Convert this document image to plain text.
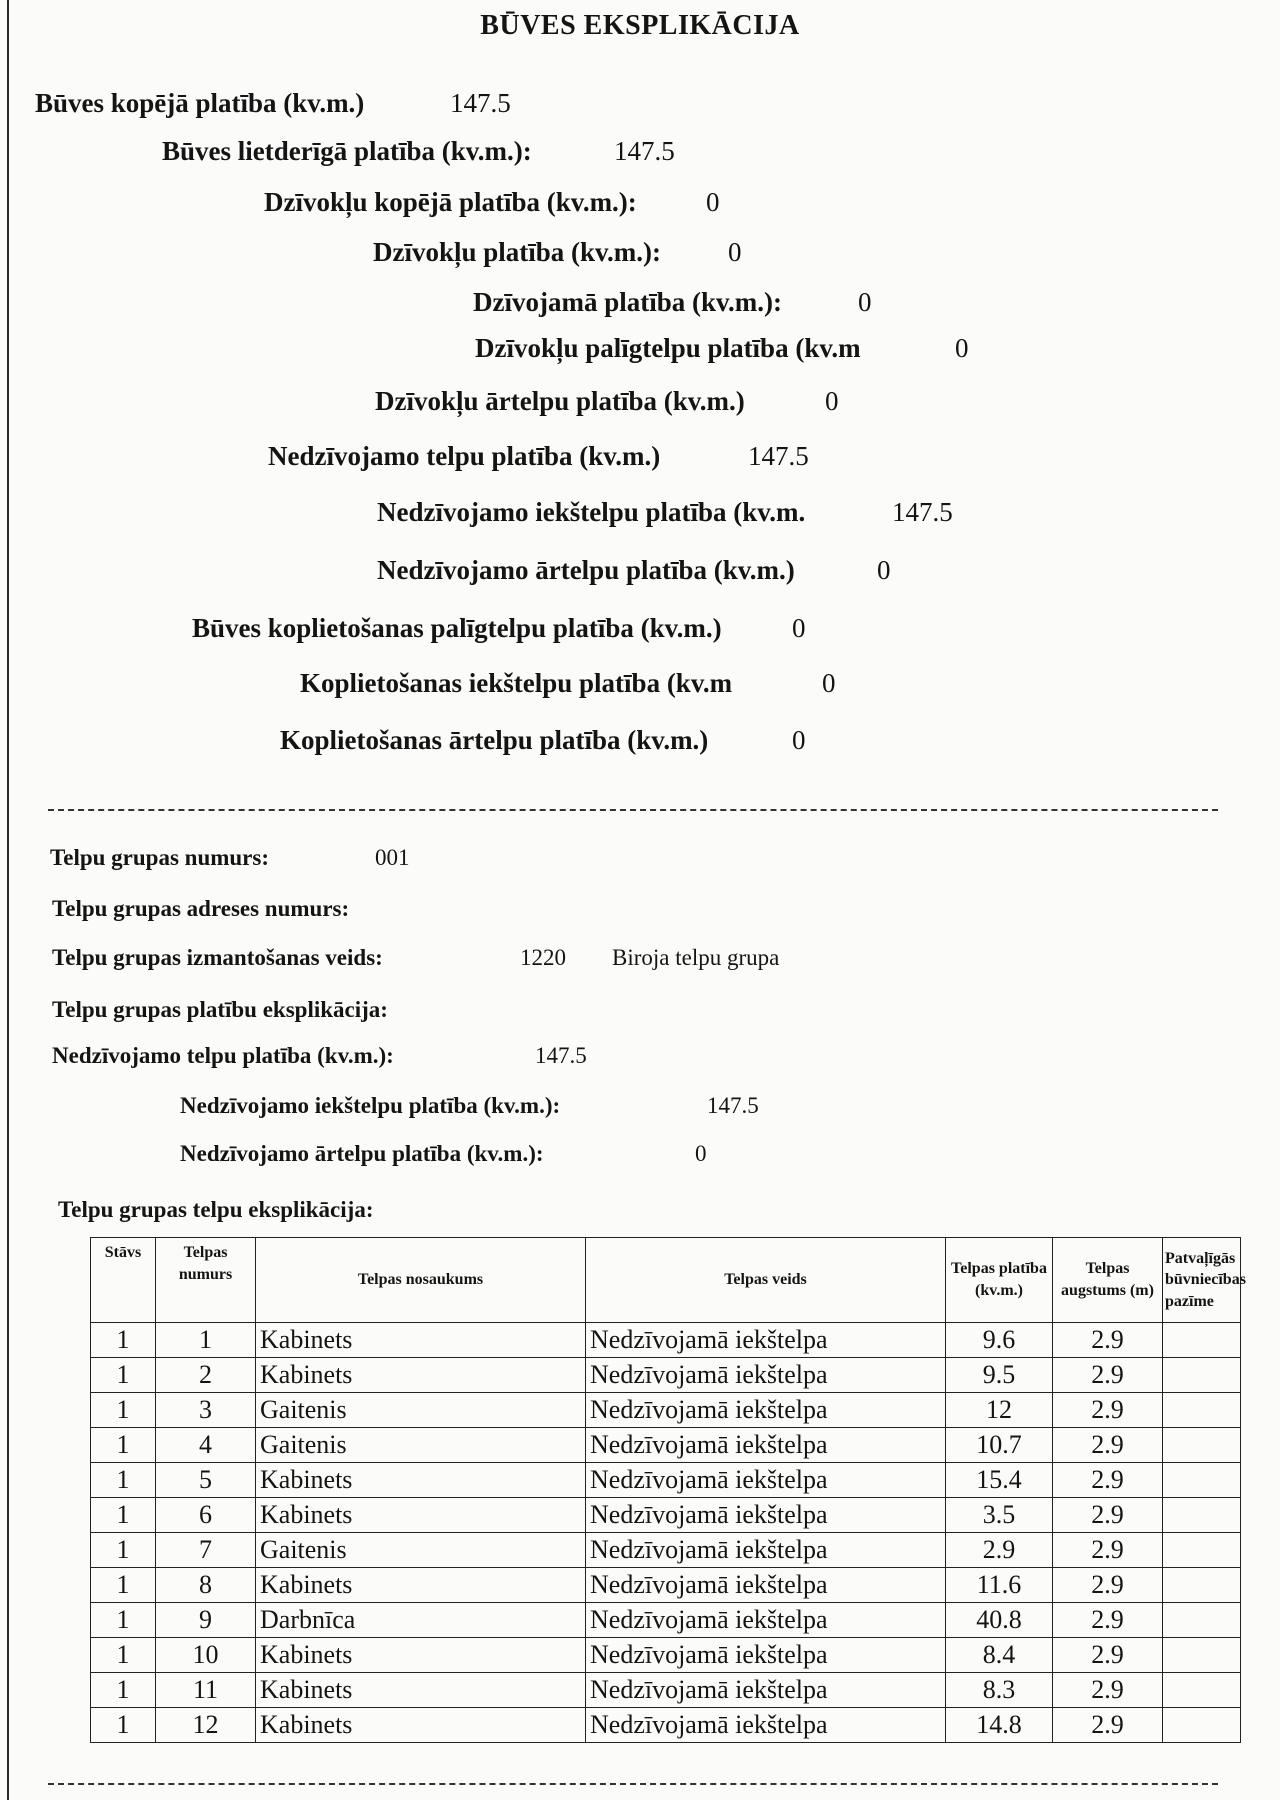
BŪVES EKSPLIKĀCIJA
Būves kopējā platība (kv.m.)	147.5
Būves lietderīgā platība (kv.m.):	147.5
Dzīvokļu kopējā platība (kv.m.):	0
Dzīvokļu platība (kv.m.): 0
Dzīvojamā platība (kv.m.):	0
Dzīvokļu palīgtelpu platība (kv.m	0
Dzīvokļu ārtelpu platība (kv.m.)	0
Nedzīvojamo telpu platība (kv.m.)	147.5
Nedzīvojamo iekštelpu platība (kv.m.	147.5
Nedzīvojamo ārtelpu platība (kv.m.)	0
Būves koplietošanas palīgtelpu platība (kv.m.)	0
Koplietošanas iekštelpu platība (kv.m	0
Koplietošanas ārtelpu platība (kv.m.)	0
Telpu grupas numurs:	001
Telpu grupas adreses numurs:
Telpu grupas izmantošanas veids:	1220 Biroja telpu grupa
Telpu grupas platību eksplikācija:
Nedzīvojamo telpu platība (kv.m.):	147.5
Nedzīvojamo iekštelpu platība (kv.m.):	147.5
Nedzīvojamo ārtelpu platība (kv.m.):	0
Telpu grupas telpu eksplikācija:
Stāvs	Telpas numurs	Telpas nosaukums	Telpas veids	Telpas platība (kv.m.)	Telpas augstums (m)	Patvaļīgās būvniecības pazīme
1	1	Kabinets	Nedzīvojamā iekštelpa	9.6	2.9	
1	2	Kabinets	Nedzīvojamā iekštelpa	9.5	2.9	
1	3	Gaitenis	Nedzīvojamā iekštelpa	12	2.9	
1	4	Gaitenis	Nedzīvojamā iekštelpa	10.7	2.9	
1	5	Kabinets	Nedzīvojamā iekštelpa	15.4	2.9	
1	6	Kabinets	Nedzīvojamā iekštelpa	3.5	2.9	
1	7	Gaitenis	Nedzīvojamā iekštelpa	2.9	2.9	
1	8	Kabinets	Nedzīvojamā iekštelpa	11.6	2.9	
1	9	Darbnīca	Nedzīvojamā iekštelpa	40.8	2.9	
1	10	Kabinets	Nedzīvojamā iekštelpa	8.4	2.9	
1	11	Kabinets	Nedzīvojamā iekštelpa	8.3	2.9	
1	12	Kabinets	Nedzīvojamā iekštelpa	14.8	2.9	
